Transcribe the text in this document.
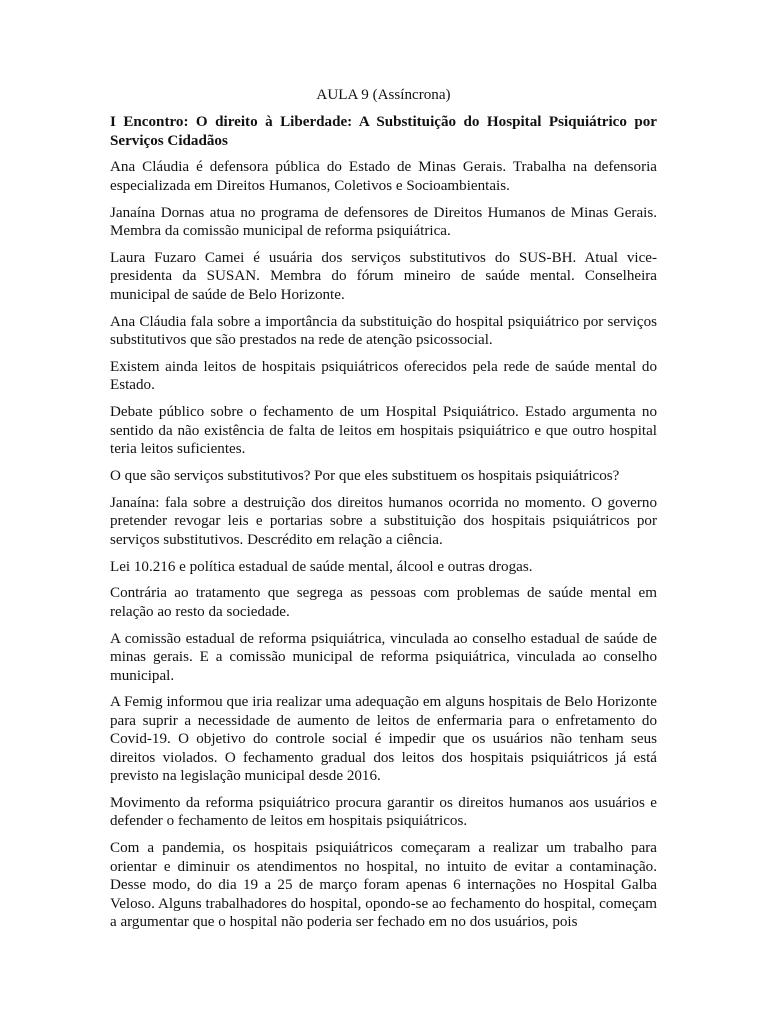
AULA 9 (Assíncrona)
I Encontro: O direito à Liberdade: A Substituição do Hospital Psiquiátrico por Serviços Cidadãos

Ana Cláudia é defensora pública do Estado de Minas Gerais. Trabalha na defensoria especializada em Direitos Humanos, Coletivos e Socioambientais.

Janaína Dornas atua no programa de defensores de Direitos Humanos de Minas Gerais. Membra da comissão municipal de reforma psiquiátrica.

Laura Fuzaro Camei é usuária dos serviços substitutivos do SUS-BH. Atual vice-presidenta da SUSAN. Membra do fórum mineiro de saúde mental. Conselheira municipal de saúde de Belo Horizonte.

Ana Cláudia fala sobre a importância da substituição do hospital psiquiátrico por serviços substitutivos que são prestados na rede de atenção psicossocial.

Existem ainda leitos de hospitais psiquiátricos oferecidos pela rede de saúde mental do Estado.

Debate público sobre o fechamento de um Hospital Psiquiátrico. Estado argumenta no sentido da não existência de falta de leitos em hospitais psiquiátrico e que outro hospital teria leitos suficientes.

O que são serviços substitutivos? Por que eles substituem os hospitais psiquiátricos?

Janaína: fala sobre a destruição dos direitos humanos ocorrida no momento. O governo pretender revogar leis e portarias sobre a substituição dos hospitais psiquiátricos por serviços substitutivos. Descrédito em relação a ciência.

Lei 10.216 e política estadual de saúde mental, álcool e outras drogas.

Contrária ao tratamento que segrega as pessoas com problemas de saúde mental em relação ao resto da sociedade.

A comissão estadual de reforma psiquiátrica, vinculada ao conselho estadual de saúde de minas gerais. E a comissão municipal de reforma psiquiátrica, vinculada ao conselho municipal.

A Femig informou que iria realizar uma adequação em alguns hospitais de Belo Horizonte para suprir a necessidade de aumento de leitos de enfermaria para o enfretamento do Covid-19. O objetivo do controle social é impedir que os usuários não tenham seus direitos violados. O fechamento gradual dos leitos dos hospitais psiquiátricos já está previsto na legislação municipal desde 2016.

Movimento da reforma psiquiátrico procura garantir os direitos humanos aos usuários e defender o fechamento de leitos em hospitais psiquiátricos.

Com a pandemia, os hospitais psiquiátricos começaram a realizar um trabalho para orientar e diminuir os atendimentos no hospital, no intuito de evitar a contaminação. Desse modo, do dia 19 a 25 de março foram apenas 6 internações no Hospital Galba Veloso. Alguns trabalhadores do hospital, opondo-se ao fechamento do hospital, começam a argumentar que o hospital não poderia ser fechado em no dos usuários, pois
